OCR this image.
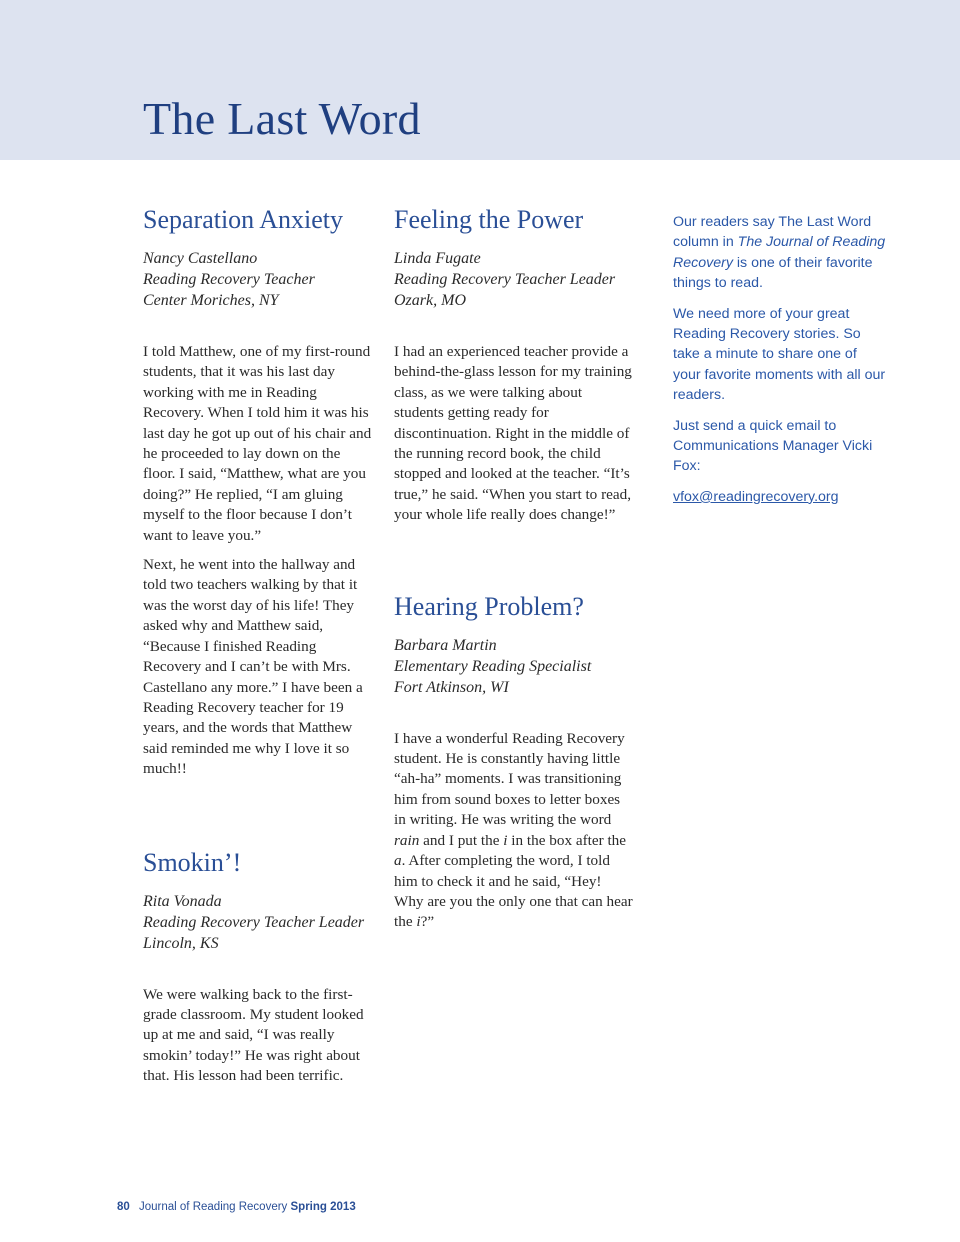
The Last Word
Separation Anxiety
Nancy Castellano
Reading Recovery Teacher
Center Moriches, NY

I told Matthew, one of my first-round students, that it was his last day working with me in Reading Recovery. When I told him it was his last day he got up out of his chair and he proceeded to lay down on the floor. I said, “Matthew, what are you doing?” He replied, “I am gluing myself to the floor because I don’t want to leave you.”

Next, he went into the hallway and told two teachers walking by that it was the worst day of his life! They asked why and Matthew said, “Because I finished Reading Recovery and I can’t be with Mrs. Castellano any more.” I have been a Reading Recovery teacher for 19 years, and the words that Matthew said reminded me why I love it so much!!

Smokin’!
Rita Vonada
Reading Recovery Teacher Leader
Lincoln, KS

We were walking back to the first-grade classroom. My student looked up at me and said, “I was really smokin’ today!” He was right about that. His lesson had been terrific.

Feeling the Power
Linda Fugate
Reading Recovery Teacher Leader
Ozark, MO

I had an experienced teacher provide a behind-the-glass lesson for my training class, as we were talking about students getting ready for discontinuation. Right in the middle of the running record book, the child stopped and looked at the teacher. “It’s true,” he said. “When you start to read, your whole life really does change!”

Hearing Problem?
Barbara Martin
Elementary Reading Specialist
Fort Atkinson, WI

I have a wonderful Reading Recovery student. He is constantly having little “ah-ha” moments. I was transitioning him from sound boxes to letter boxes in writing. He was writing the word rain and I put the i in the box after the a. After completing the word, I told him to check it and he said, “Hey! Why are you the only one that can hear the i?”

Our readers say The Last Word column in The Journal of Reading Recovery is one of their favorite things to read.

We need more of your great Reading Recovery stories. So take a minute to share one of your favorite moments with all our readers.

Just send a quick email to Communications Manager Vicki Fox:

vfox@readingrecovery.org

80 Journal of Reading Recovery Spring 2013
